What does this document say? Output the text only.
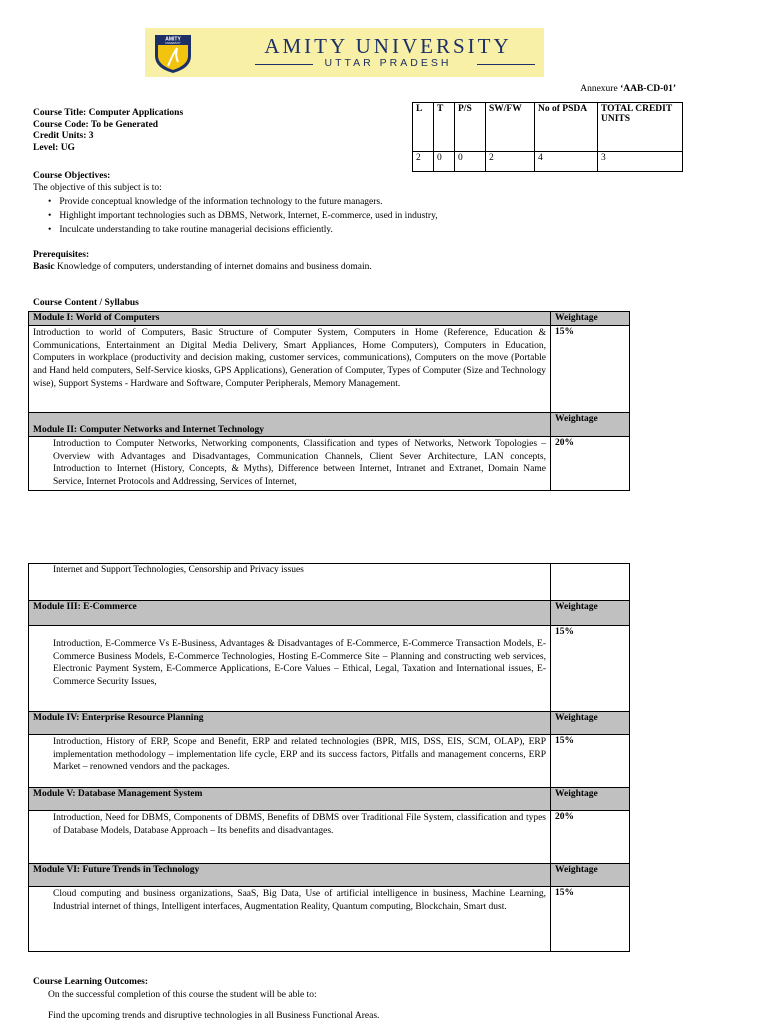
AMITY
UNIVERSITY	AMITY UNIVERSITY
UTTAR PRADESH
Annexure ‘AAB-CD-01’
Course Title: Computer Applications
Course Code: To be Generated
Credit Units: 3
Level: UG
L	T	P/S	SW/FW	No of PSDA	TOTAL CREDIT UNITS
2	0	0	2	4	3
Course Objectives:
The objective of this subject is to:
• Provide conceptual knowledge of the information technology to the future managers.
• Highlight important technologies such as DBMS, Network, Internet, E-commerce, used in industry,
• Inculcate understanding to take routine managerial decisions efficiently.
Prerequisites:
Basic Knowledge of computers, understanding of internet domains and business domain.
Course Content / Syllabus
Module I: World of Computers	Weightage
Introduction to world of Computers, Basic Structure of Computer System, Computers in Home (Reference, Education & Communications, Entertainment an Digital Media Delivery, Smart Appliances, Home Computers), Computers in Education, Computers in workplace (productivity and decision making, customer services, communications), Computers on the move (Portable and Hand held computers, Self-Service kiosks, GPS Applications), Generation of Computer, Types of Computer (Size and Technology wise), Support Systems - Hardware and Software, Computer Peripherals, Memory Management.	15%
Module II: Computer Networks and Internet Technology	Weightage
Introduction to Computer Networks, Networking components, Classification and types of Networks, Network Topologies – Overview with Advantages and Disadvantages, Communication Channels, Client Sever Architecture, LAN concepts, Introduction to Internet (History, Concepts, & Myths), Difference between Internet, Intranet and Extranet, Domain Name Service, Internet Protocols and Addressing, Services of Internet,	20%
Internet and Support Technologies, Censorship and Privacy issues	
Module III: E-Commerce	Weightage
Introduction, E-Commerce Vs E-Business, Advantages & Disadvantages of E-Commerce, E-Commerce Transaction Models, E-Commerce Business Models, E-Commerce Technologies, Hosting E-Commerce Site – Planning and constructing web services, Electronic Payment System, E-Commerce Applications, E-Core Values – Ethical, Legal, Taxation and International issues, E-Commerce Security Issues,	15%
Module IV: Enterprise Resource Planning	Weightage
Introduction, History of ERP, Scope and Benefit, ERP and related technologies (BPR, MIS, DSS, EIS, SCM, OLAP), ERP implementation methodology – implementation life cycle, ERP and its success factors, Pitfalls and management concerns, ERP Market – renowned vendors and the packages.	15%
Module V: Database Management System	Weightage
Introduction, Need for DBMS, Components of DBMS, Benefits of DBMS over Traditional File System, classification and types of Database Models, Database Approach – Its benefits and disadvantages.	20%
Module VI: Future Trends in Technology	Weightage
Cloud computing and business organizations, SaaS, Big Data, Use of artificial intelligence in business, Machine Learning, Industrial internet of things, Intelligent interfaces, Augmentation Reality, Quantum computing, Blockchain, Smart dust.	15%
Course Learning Outcomes:
On the successful completion of this course the student will be able to:
Find the upcoming trends and disruptive technologies in all Business Functional Areas.
